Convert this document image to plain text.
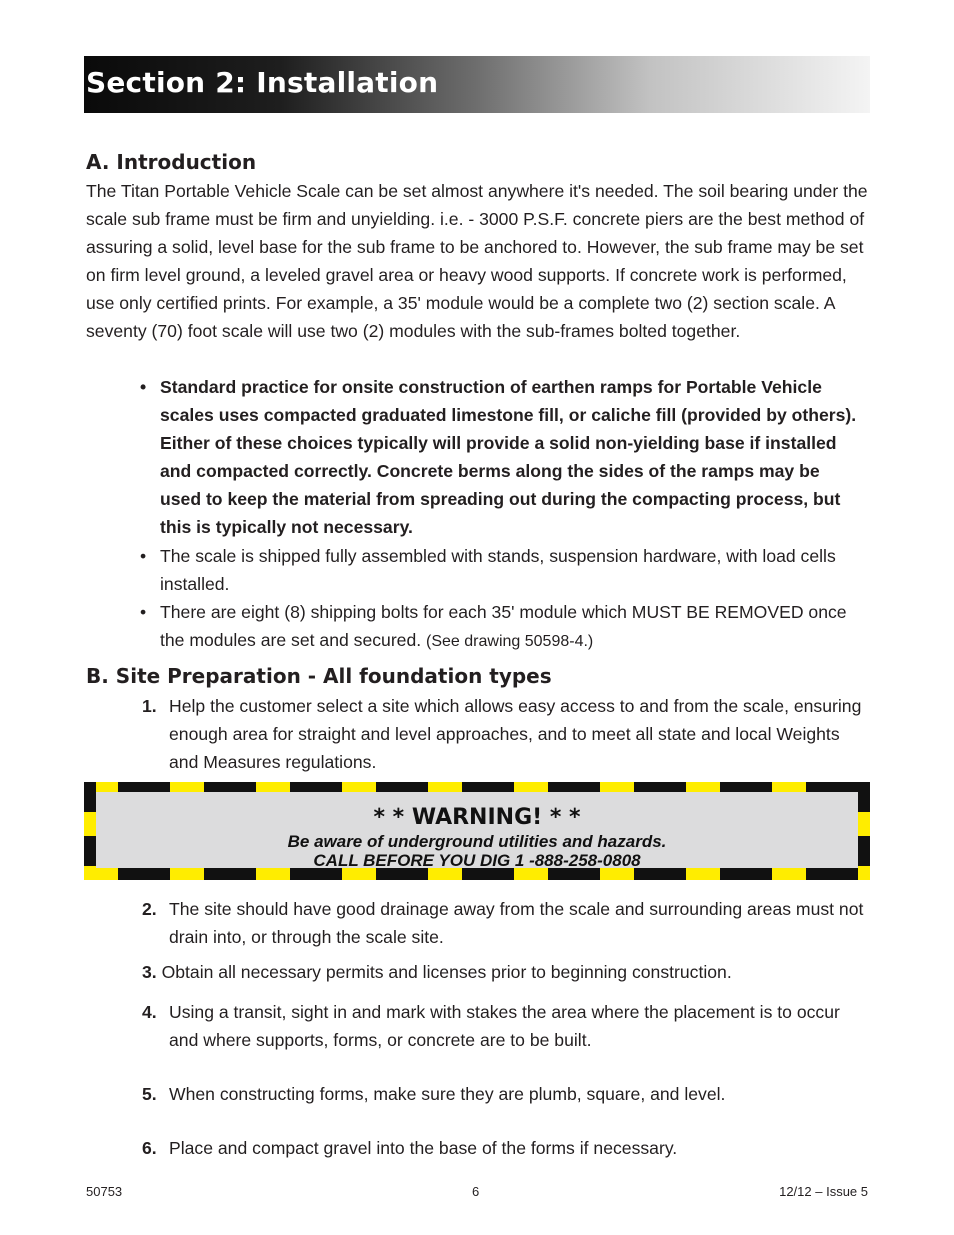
Section 2: Installation
A. Introduction

The Titan Portable Vehicle Scale can be set almost anywhere it's needed. The soil bearing under the scale sub frame must be firm and unyielding. i.e. - 3000 P.S.F. concrete piers are the best method of assuring a solid, level base for the sub frame to be anchored to. However, the sub frame may be set on firm level ground, a leveled gravel area or heavy wood supports. If concrete work is performed, use only certified prints. For example, a 35' module would be a complete two (2) section scale. A seventy (70) foot scale will use two (2) modules with the sub-frames bolted together.

• Standard practice for onsite construction of earthen ramps for Portable Vehicle scales uses compacted graduated limestone fill, or caliche fill (provided by others). Either of these choices typically will provide a solid non-yielding base if installed and compacted correctly. Concrete berms along the sides of the ramps may be used to keep the material from spreading out during the compacting process, but this is typically not necessary.
• The scale is shipped fully assembled with stands, suspension hardware, with load cells installed.
• There are eight (8) shipping bolts for each 35' module which MUST BE REMOVED once the modules are set and secured. (See drawing 50598-4.)
B. Site Preparation - All foundation types
1. Help the customer select a site which allows easy access to and from the scale, ensuring enough area for straight and level approaches, and to meet all state and local Weights and Measures regulations.
* * WARNING! * *
Be aware of underground utilities and hazards.
CALL BEFORE YOU DIG 1 -888-258-0808
2. The site should have good drainage away from the scale and surrounding areas must not drain into, or through the scale site.
3. Obtain all necessary permits and licenses prior to beginning construction.
4. Using a transit, sight in and mark with stakes the area where the placement is to occur and where supports, forms, or concrete are to be built.
5. When constructing forms, make sure they are plumb, square, and level.
6. Place and compact gravel into the base of the forms if necessary.
50753	6	12/12 – Issue 5
